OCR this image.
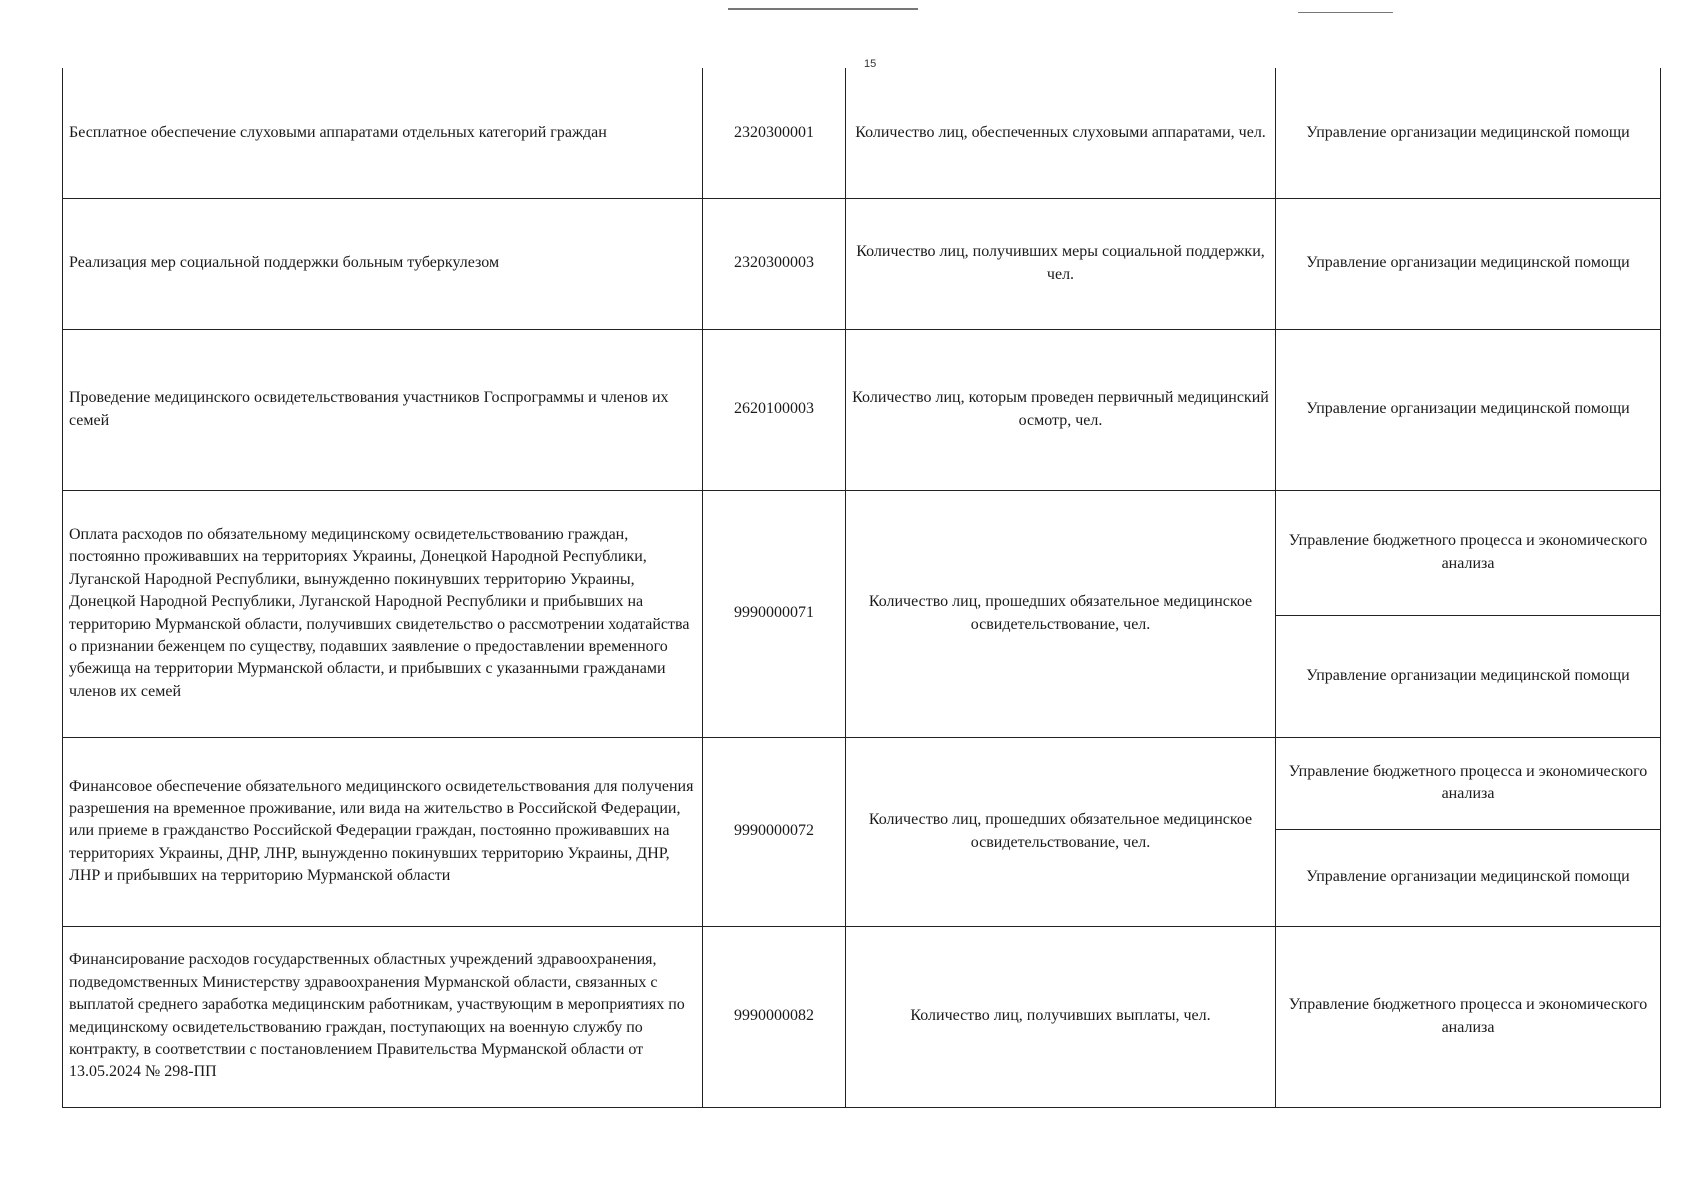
15
Бесплатное обеспечение слуховыми аппаратами отдельных категорий граждан	2320300001	Количество лиц, обеспеченных слуховыми аппаратами, чел.	Управление организации медицинской помощи
Реализация мер социальной поддержки больным туберкулезом	2320300003	Количество лиц, получивших меры социальной поддержки, чел.	Управление организации медицинской помощи
Проведение медицинского освидетельствования участников Госпрограммы и членов их семей	2620100003	Количество лиц, которым проведен первичный медицинский осмотр, чел.	Управление организации медицинской помощи
Оплата расходов по обязательному медицинскому освидетельствованию граждан, постоянно проживавших на территориях Украины, Донецкой Народной Республики, Луганской Народной Республики, вынужденно покинувших территорию Украины, Донецкой Народной Республики, Луганской Народной Республики и прибывших на территорию Мурманской области, получивших свидетельство о рассмотрении ходатайства о признании беженцем по существу, подавших заявление о предоставлении временного убежища на территории Мурманской области, и прибывших с указанными гражданами членов их семей	9990000071	Количество лиц, прошедших обязательное медицинское освидетельствование, чел.	Управление бюджетного процесса и экономического анализа
			Управление организации медицинской помощи
Финансовое обеспечение обязательного медицинского освидетельствования для получения разрешения на временное проживание, или вида на жительство в Российской Федерации, или приеме в гражданство Российской Федерации граждан, постоянно проживавших на территориях Украины, ДНР, ЛНР, вынужденно покинувших территорию Украины, ДНР, ЛНР и прибывших на территорию Мурманской области	9990000072	Количество лиц, прошедших обязательное медицинское освидетельствование, чел.	Управление бюджетного процесса и экономического анализа
			Управление организации медицинской помощи
Финансирование расходов государственных областных учреждений здравоохранения, подведомственных Министерству здравоохранения Мурманской области, связанных с выплатой среднего заработка медицинским работникам, участвующим в мероприятиях по медицинскому освидетельствованию граждан, поступающих на военную службу по контракту, в соответствии с постановлением Правительства Мурманской области от 13.05.2024 № 298-ПП	9990000082	Количество лиц, получивших выплаты, чел.	Управление бюджетного процесса и экономического анализа
